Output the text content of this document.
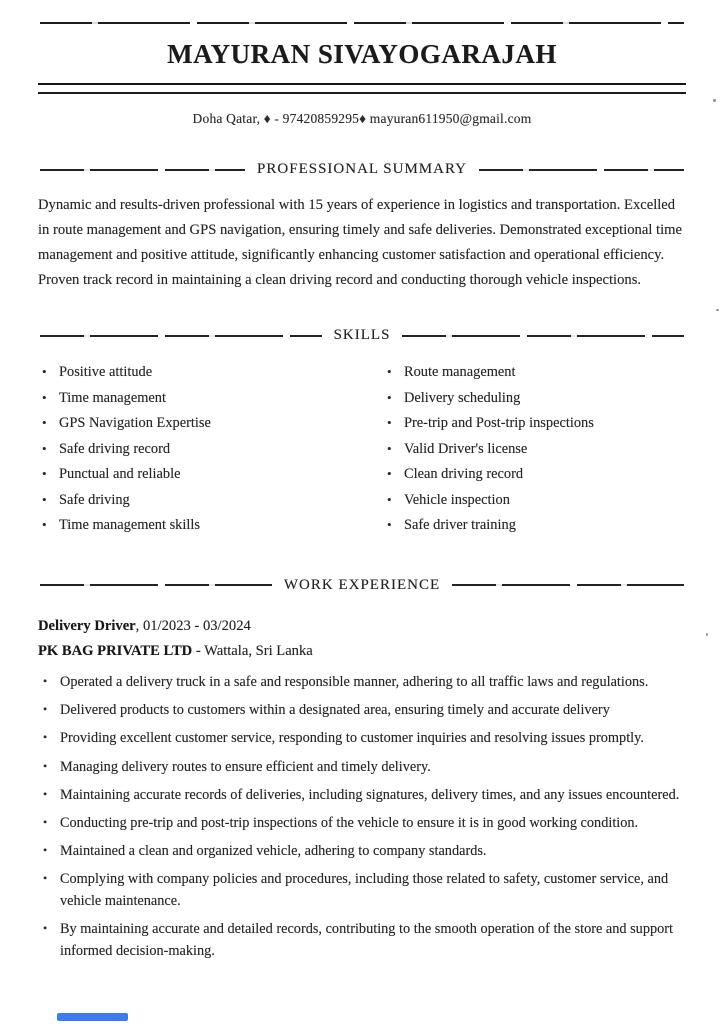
MAYURAN SIVAYOGARAJAH

Doha Qatar, ♦ - 97420859295♦ mayuran611950@gmail.com

PROFESSIONAL SUMMARY

Dynamic and results-driven professional with 15 years of experience in logistics and transportation. Excelled in route management and GPS navigation, ensuring timely and safe deliveries. Demonstrated exceptional time management and positive attitude, significantly enhancing customer satisfaction and operational efficiency. Proven track record in maintaining a clean driving record and conducting thorough vehicle inspections.

SKILLS
• Positive attitude
• Time management
• GPS Navigation Expertise
• Safe driving record
• Punctual and reliable
• Safe driving
• Time management skills
• Route management
• Delivery scheduling
• Pre-trip and Post-trip inspections
• Valid Driver's license
• Clean driving record
• Vehicle inspection
• Safe driver training
WORK EXPERIENCE

Delivery Driver, 01/2023 - 03/2024

PK BAG PRIVATE LTD - Wattala, Sri Lanka

• Operated a delivery truck in a safe and responsible manner, adhering to all traffic laws and regulations.
• Delivered products to customers within a designated area, ensuring timely and accurate delivery
• Providing excellent customer service, responding to customer inquiries and resolving issues promptly.
• Managing delivery routes to ensure efficient and timely delivery.
• Maintaining accurate records of deliveries, including signatures, delivery times, and any issues encountered.
• Conducting pre-trip and post-trip inspections of the vehicle to ensure it is in good working condition.
• Maintained a clean and organized vehicle, adhering to company standards.
• Complying with company policies and procedures, including those related to safety, customer service, and vehicle maintenance.
• By maintaining accurate and detailed records, contributing to the smooth operation of the store and support informed decision-making.
